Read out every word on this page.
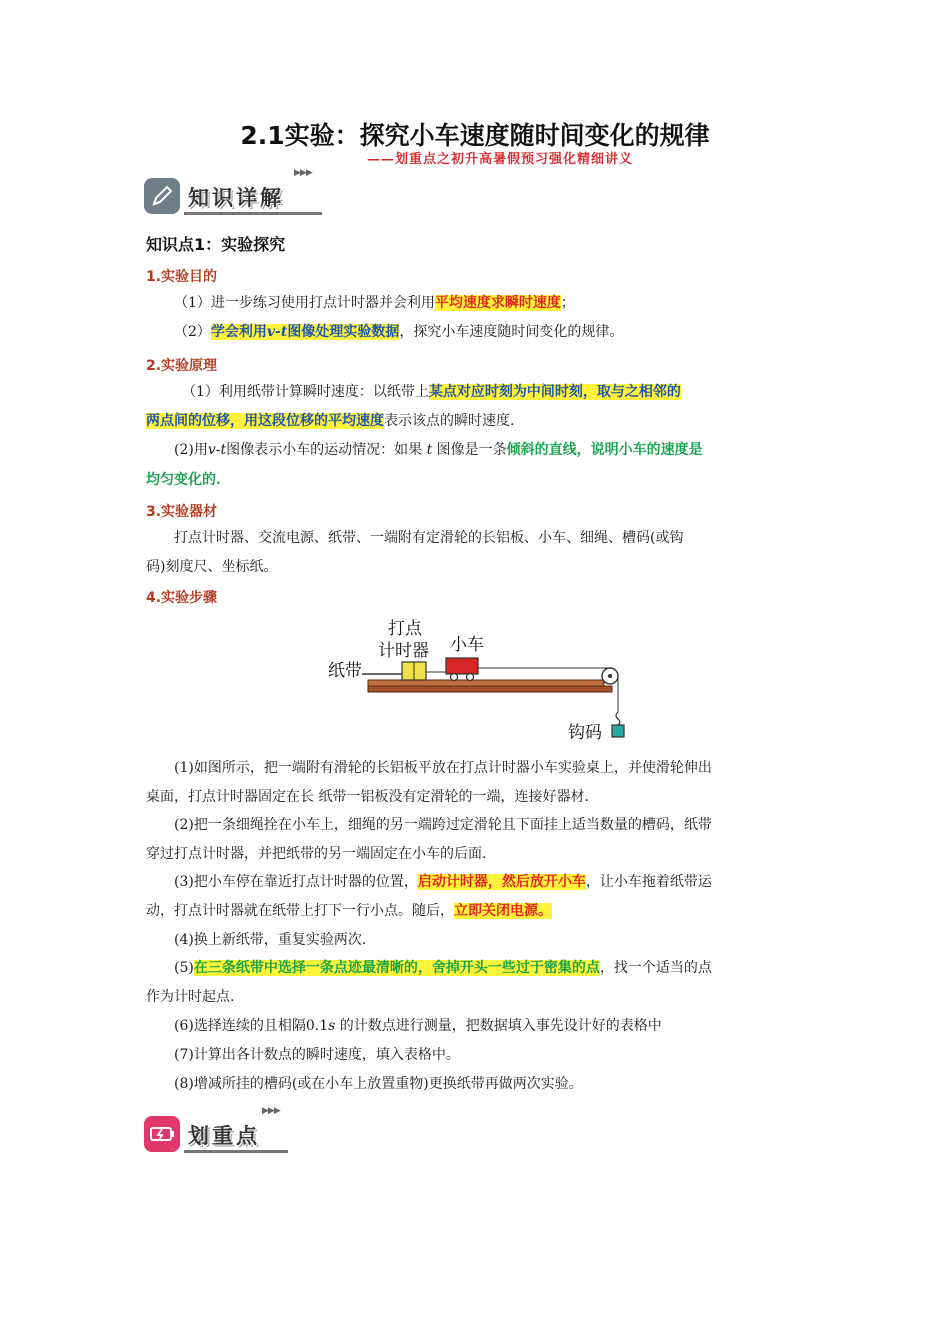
2.1实验：探究小车速度随时间变化的规律
——划重点之初升高暑假预习强化精细讲义
知识详解
▶▶▶
知识点1：实验探究
1.实验目的
（1）进一步练习使用打点计时器并会利用平均速度求瞬时速度；
（2）学会利用v-t图像处理实验数据，探究小车速度随时间变化的规律。
2.实验原理
（1）利用纸带计算瞬时速度：以纸带上某点对应时刻为中间时刻，取与之相邻的
两点间的位移，用这段位移的平均速度表示该点的瞬时速度.
(2)用v-t图像表示小车的运动情况：如果 t 图像是一条倾斜的直线，说明小车的速度是
均匀变化的.
3.实验器材
打点计时器、交流电源、纸带、一端附有定滑轮的长铝板、小车、细绳、槽码(或钩
码)刻度尺、坐标纸。
4.实验步骤
纸带
打点
计时器 小车
钩码
(1)如图所示，把一端附有滑轮的长铝板平放在打点计时器小车实验桌上，并使滑轮伸出
桌面，打点计时器固定在长 纸带一铝板没有定滑轮的一端，连接好器材.
(2)把一条细绳拴在小车上，细绳的另一端跨过定滑轮且下面挂上适当数量的槽码，纸带
穿过打点计时器，并把纸带的另一端固定在小车的后面.
(3)把小车停在靠近打点计时器的位置，启动计时器，然后放开小车，让小车拖着纸带运
动，打点计时器就在纸带上打下一行小点。随后，立即关闭电源。
(4)换上新纸带，重复实验两次.
(5)在三条纸带中选择一条点迹最清晰的，舍掉开头一些过于密集的点，找一个适当的点
作为计时起点.
(6)选择连续的且相隔0.1s 的计数点进行测量，把数据填入事先设计好的表格中
(7)计算出各计数点的瞬时速度，填入表格中。
(8)增减所挂的槽码(或在小车上放置重物)更换纸带再做两次实验。
划重点
▶▶▶
